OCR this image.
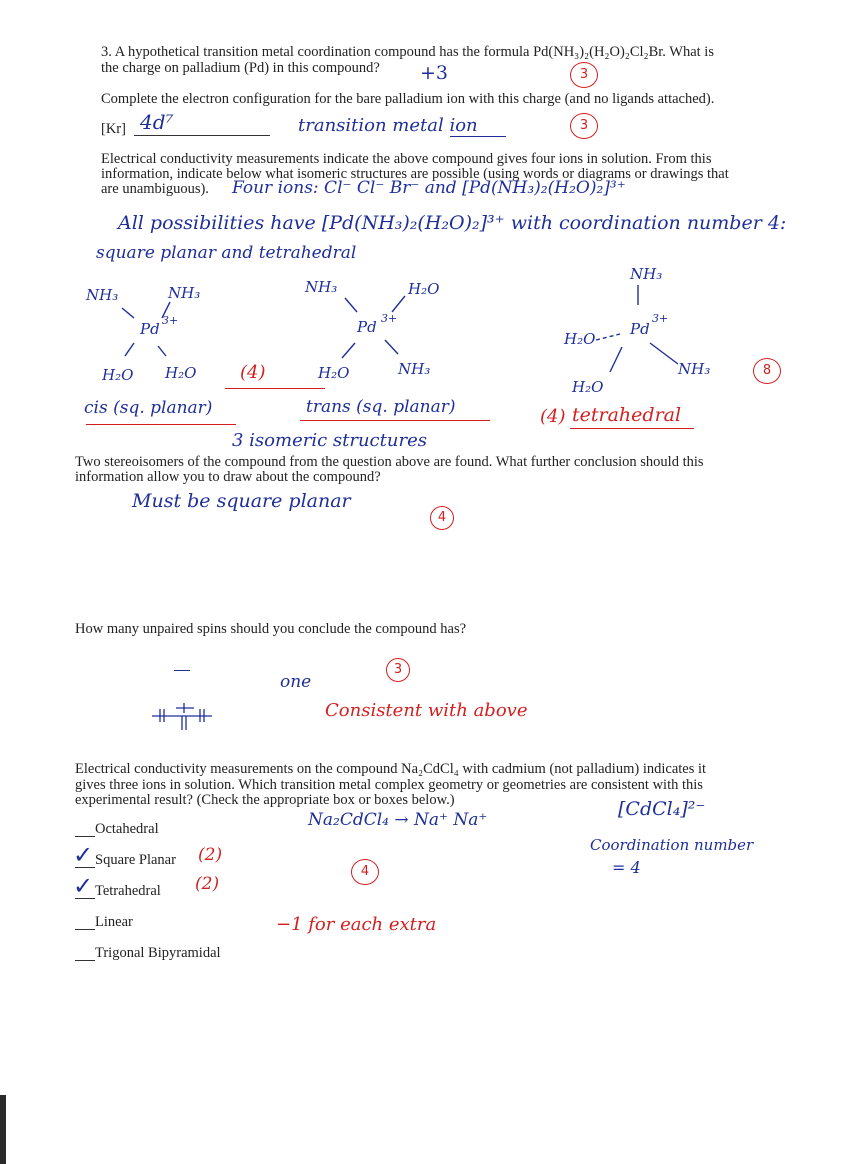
3. A hypothetical transition metal coordination compound has the formula Pd(NH₃)₂(H₂O)₂Cl₂Br. What is
the charge on palladium (Pd) in this compound? +3	3
Complete the electron configuration for the bare palladium ion with this charge (and no ligands attached).
[Kr] 4d⁷	transition metal ion	3
Electrical conductivity measurements indicate the above compound gives four ions in solution. From this
information, indicate below what isomeric structures are possible (using words or diagrams or drawings that
are unambiguous). Four ions: Cl⁻ Cl⁻ Br⁻ and [Pd(NH₃)₂(H₂O)₂]³⁺
All possibilities have [Pd(NH₃)₂(H₂O)₂]³⁺ with coordination number 4:
square planar and tetrahedral
NH₃	NH₃
Pd 3+
H₂O H₂O (4)
cis (sq. planar)
NH₃	H₂O
Pd 3+
H₂O	NH₃
trans (sq. planar)
NH₃
Pd
3+
H₂O
NH₃
H₂O
8
(4) tetrahedral
3 isomeric structures
Two stereoisomers of the compound from the question above are found. What further conclusion should this
information allow you to draw about the compound?
Must be square planar
4
How many unpaired spins should you conclude the compound has?
one
3
Consistent with above
Electrical conductivity measurements on the compound Na₂CdCl₄ with cadmium (not palladium) indicates it
gives three ions in solution. Which transition metal complex geometry or geometries are consistent with this
experimental result? (Check the appropriate box or boxes below.)
Na₂CdCl₄ → Na⁺ Na⁺	[CdCl₄]²⁻
Coordination number
= 4
4
−1 for each extra
Octahedral
✓ Square Planar (2)
✓ Tetrahedral (2)
Linear
Trigonal Bipyramidal
